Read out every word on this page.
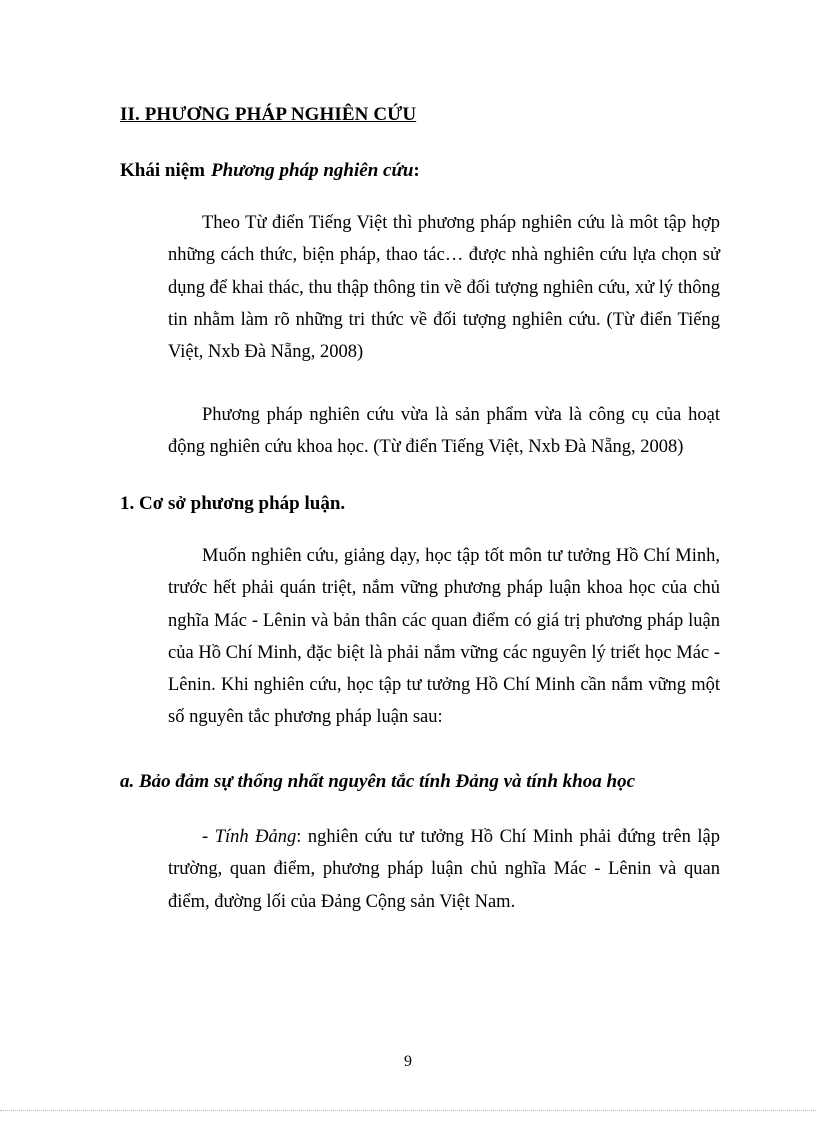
II. PHƯƠNG PHÁP NGHIÊN CỨU
Khái niệm Phương pháp nghiên cứu:
Theo Từ điển Tiếng Việt thì phương pháp nghiên cứu là môt tập hợp những cách thức, biện pháp, thao tác… được nhà nghiên cứu lựa chọn sử dụng để khai thác, thu thập thông tin về đối tượng nghiên cứu, xử lý thông tin nhằm làm rõ những tri thức về đối tượng nghiên cứu. (Từ điển Tiếng Việt, Nxb Đà Nẵng, 2008)
Phương pháp nghiên cứu vừa là sản phẩm vừa là công cụ của hoạt động nghiên cứu khoa học. (Từ điển Tiếng Việt, Nxb Đà Nẵng, 2008)
1. Cơ sở phương pháp luận.
Muốn nghiên cứu, giảng dạy, học tập tốt môn tư tưởng Hồ Chí Minh, trước hết phải quán triệt, nắm vững phương pháp luận khoa học của chủ nghĩa Mác - Lênin và bản thân các quan điểm có giá trị phương pháp luận của Hồ Chí Minh, đặc biệt là phải nắm vững các nguyên lý triết học Mác - Lênin. Khi nghiên cứu, học tập tư tưởng Hồ Chí Minh cần nắm vững một số nguyên tắc phương pháp luận sau:
a. Bảo đảm sự thống nhất nguyên tắc tính Đảng và tính khoa học
- Tính Đảng: nghiên cứu tư tưởng Hồ Chí Minh phải đứng trên lập trường, quan điểm, phương pháp luận chủ nghĩa Mác - Lênin và quan điểm, đường lối của Đảng Cộng sản Việt Nam.
9
